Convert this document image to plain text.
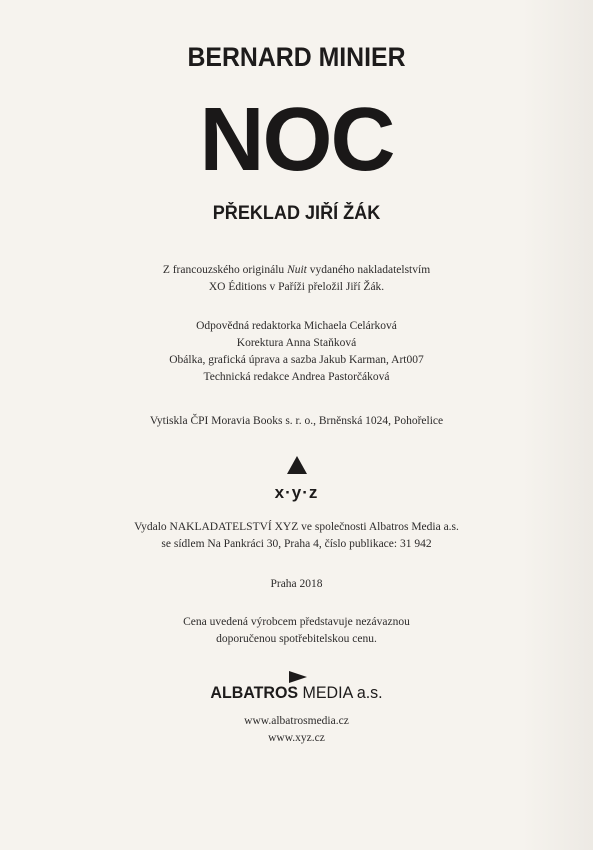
BERNARD MINIER
NOC
PŘEKLAD JIŘÍ ŽÁK
Z francouzského originálu Nuit vydaného nakladatelstvím
XO Éditions v Paříži přeložil Jiří Žák.
Odpovědná redaktorka Michaela Celárková
Korektura Anna Staňková
Obálka, grafická úprava a sazba Jakub Karman, Art007
Technická redakce Andrea Pastorčáková
Vytiskla ČPI Moravia Books s. r. o., Brněnská 1024, Pohořelice
x·y·z
Vydalo NAKLADATELSTVÍ XYZ ve společnosti Albatros Media a.s.
se sídlem Na Pankráci 30, Praha 4, číslo publikace: 31 942
Praha 2018
Cena uvedená výrobcem představuje nezávaznou
doporučenou spotřebitelskou cenu.
ALBATROS MEDIA a.s.
www.albatrosmedia.cz
www.xyz.cz
